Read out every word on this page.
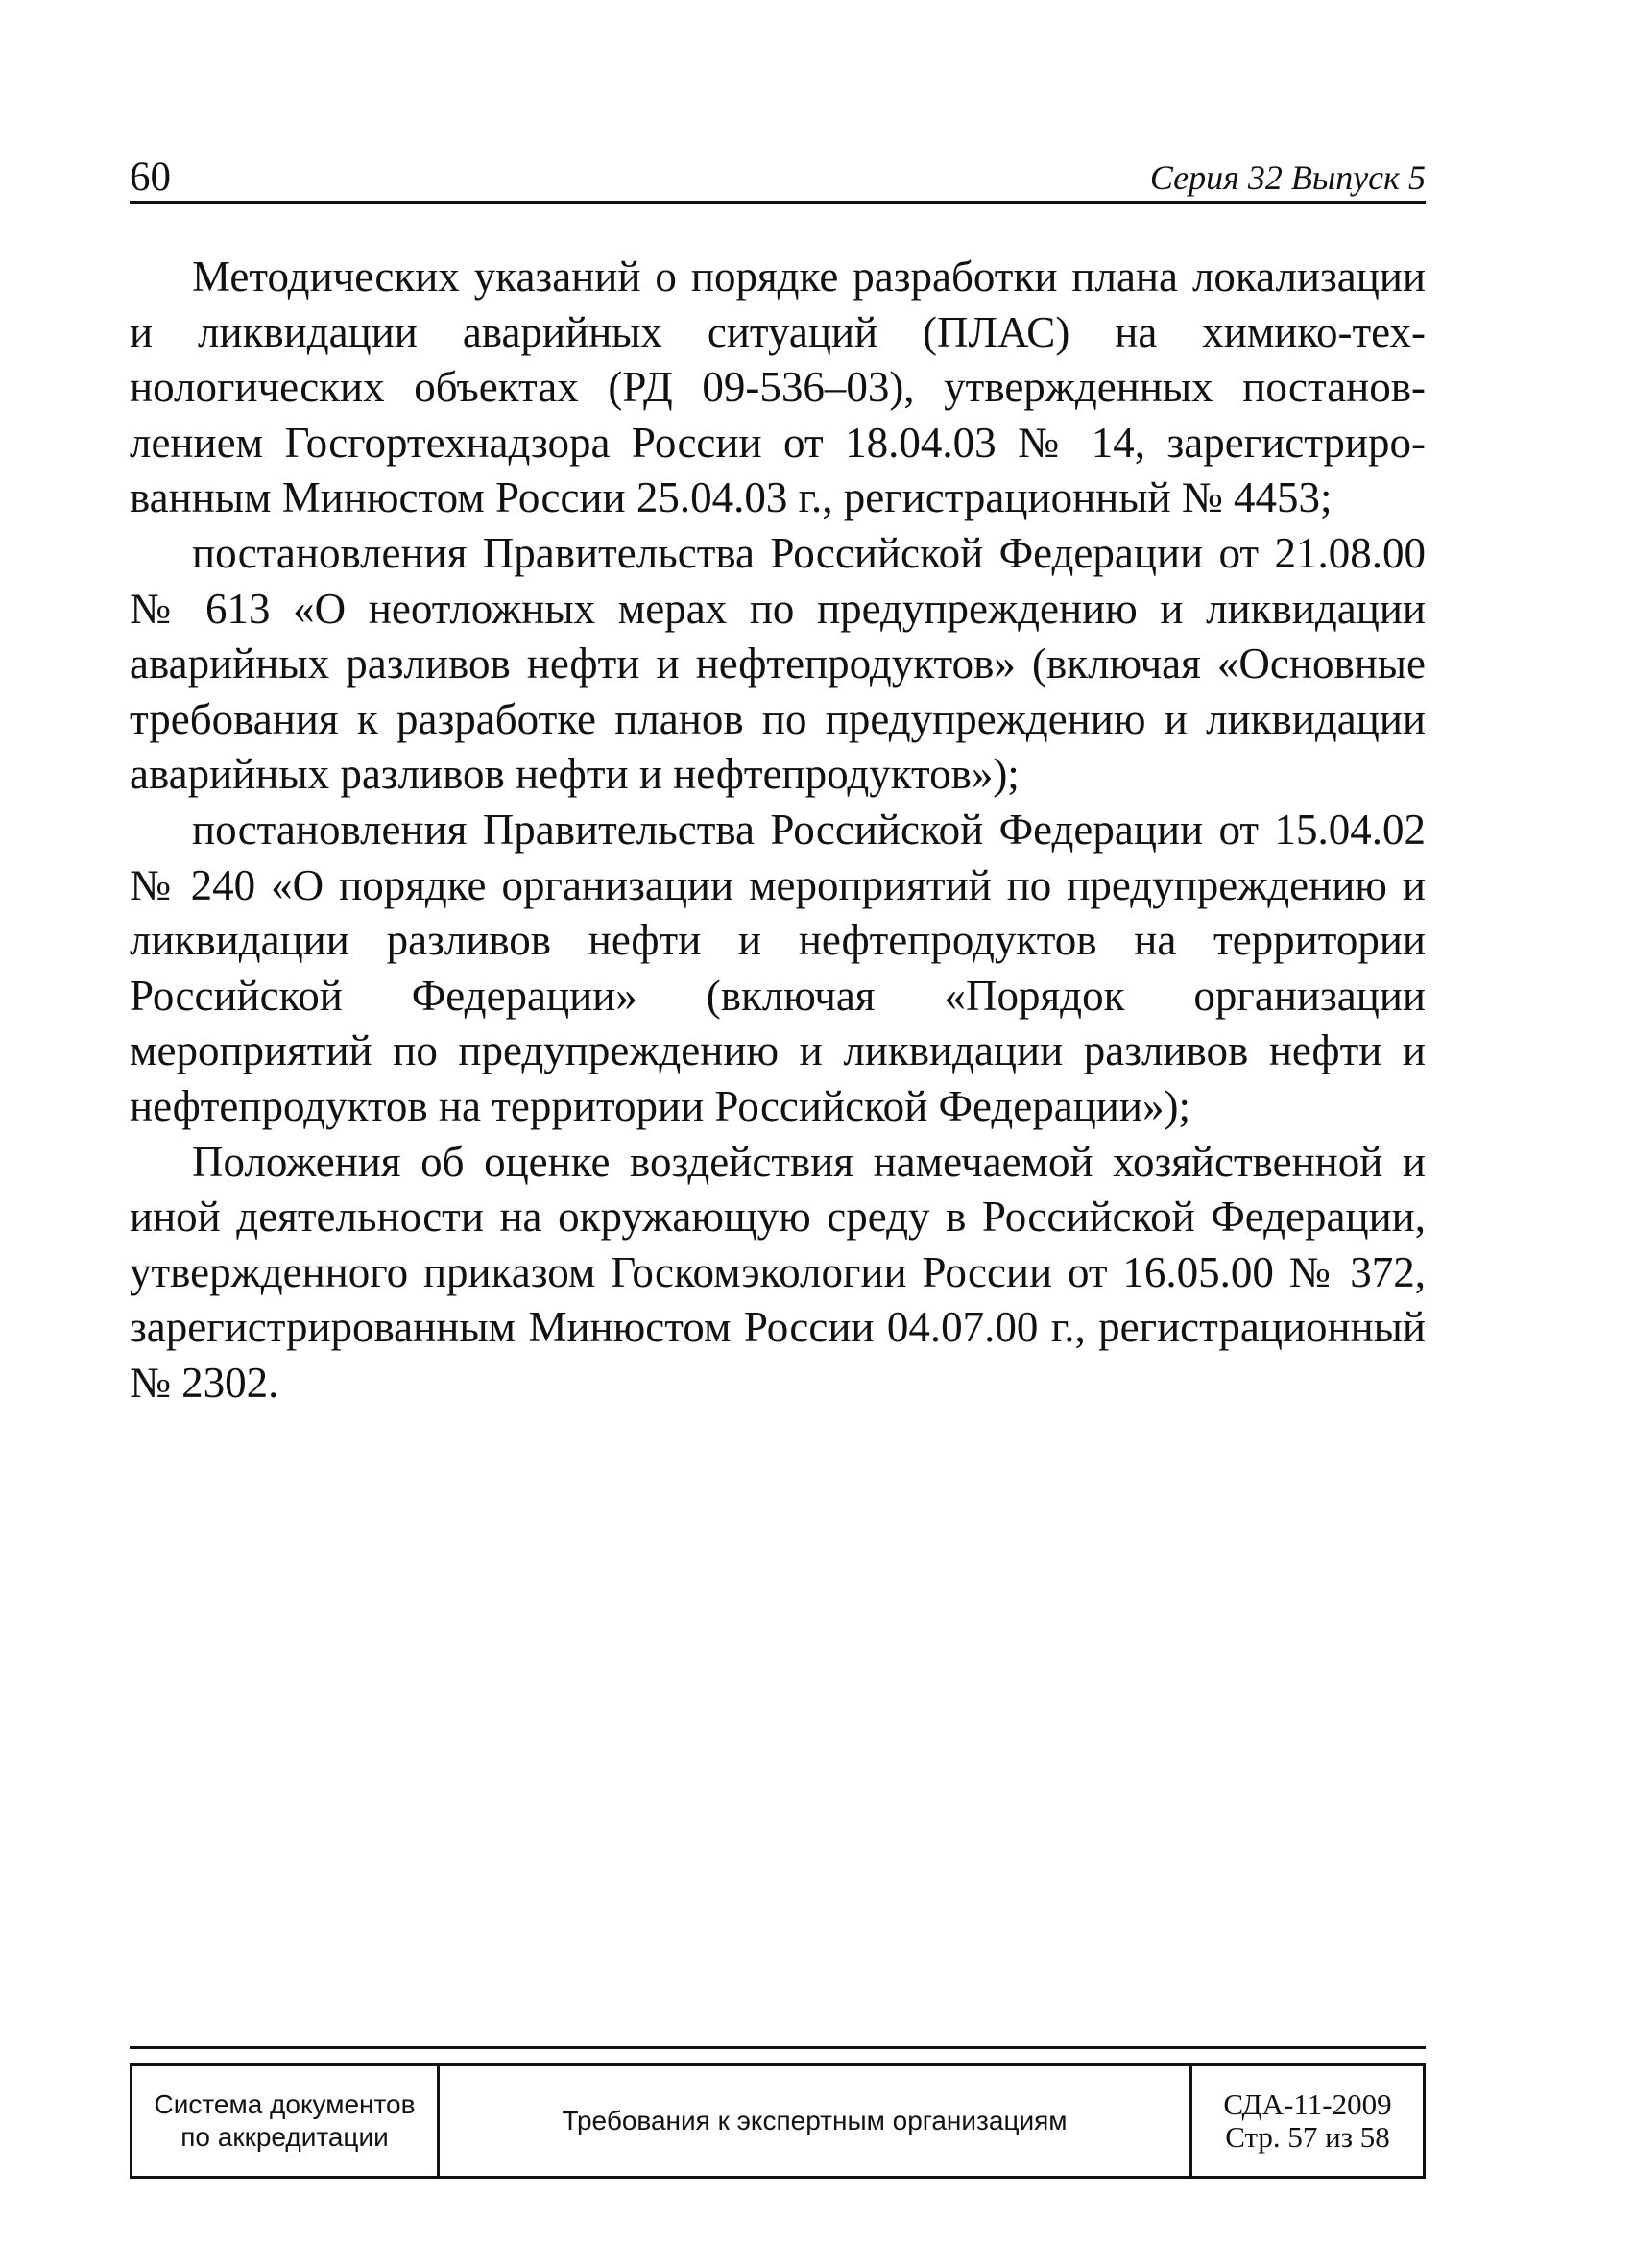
60	Серия 32 Выпуск 5

Методических указаний о порядке разработки плана локализации и ликвидации аварийных ситуаций (ПЛАС) на химико-технологических объектах (РД 09-536–03), утвержденных постановлением Госгортехнадзора России от 18.04.03 № 14, зарегистрированным Минюстом России 25.04.03 г., регистрационный № 4453;

постановления Правительства Российской Федерации от 21.08.00 № 613 «О неотложных мерах по предупреждению и ликвидации аварийных разливов нефти и нефтепродуктов» (включая «Основные требования к разработке планов по предупреждению и ликвидации аварийных разливов нефти и нефтепродуктов»);

постановления Правительства Российской Федерации от 15.04.02 № 240 «О порядке организации мероприятий по предупреждению и ликвидации разливов нефти и нефтепродуктов на территории Российской Федерации» (включая «Порядок организации мероприятий по предупреждению и ликвидации разливов нефти и нефтепродуктов на территории Российской Федерации»);

Положения об оценке воздействия намечаемой хозяйственной и иной деятельности на окружающую среду в Российской Федерации, утвержденного приказом Госкомэкологии России от 16.05.00 № 372, зарегистрированным Минюстом России 04.07.00 г., регистрационный № 2302.

Система документов
по аккредитации
Требования к экспертным организациям	СДА-11-2009
Стр. 57 из 58
